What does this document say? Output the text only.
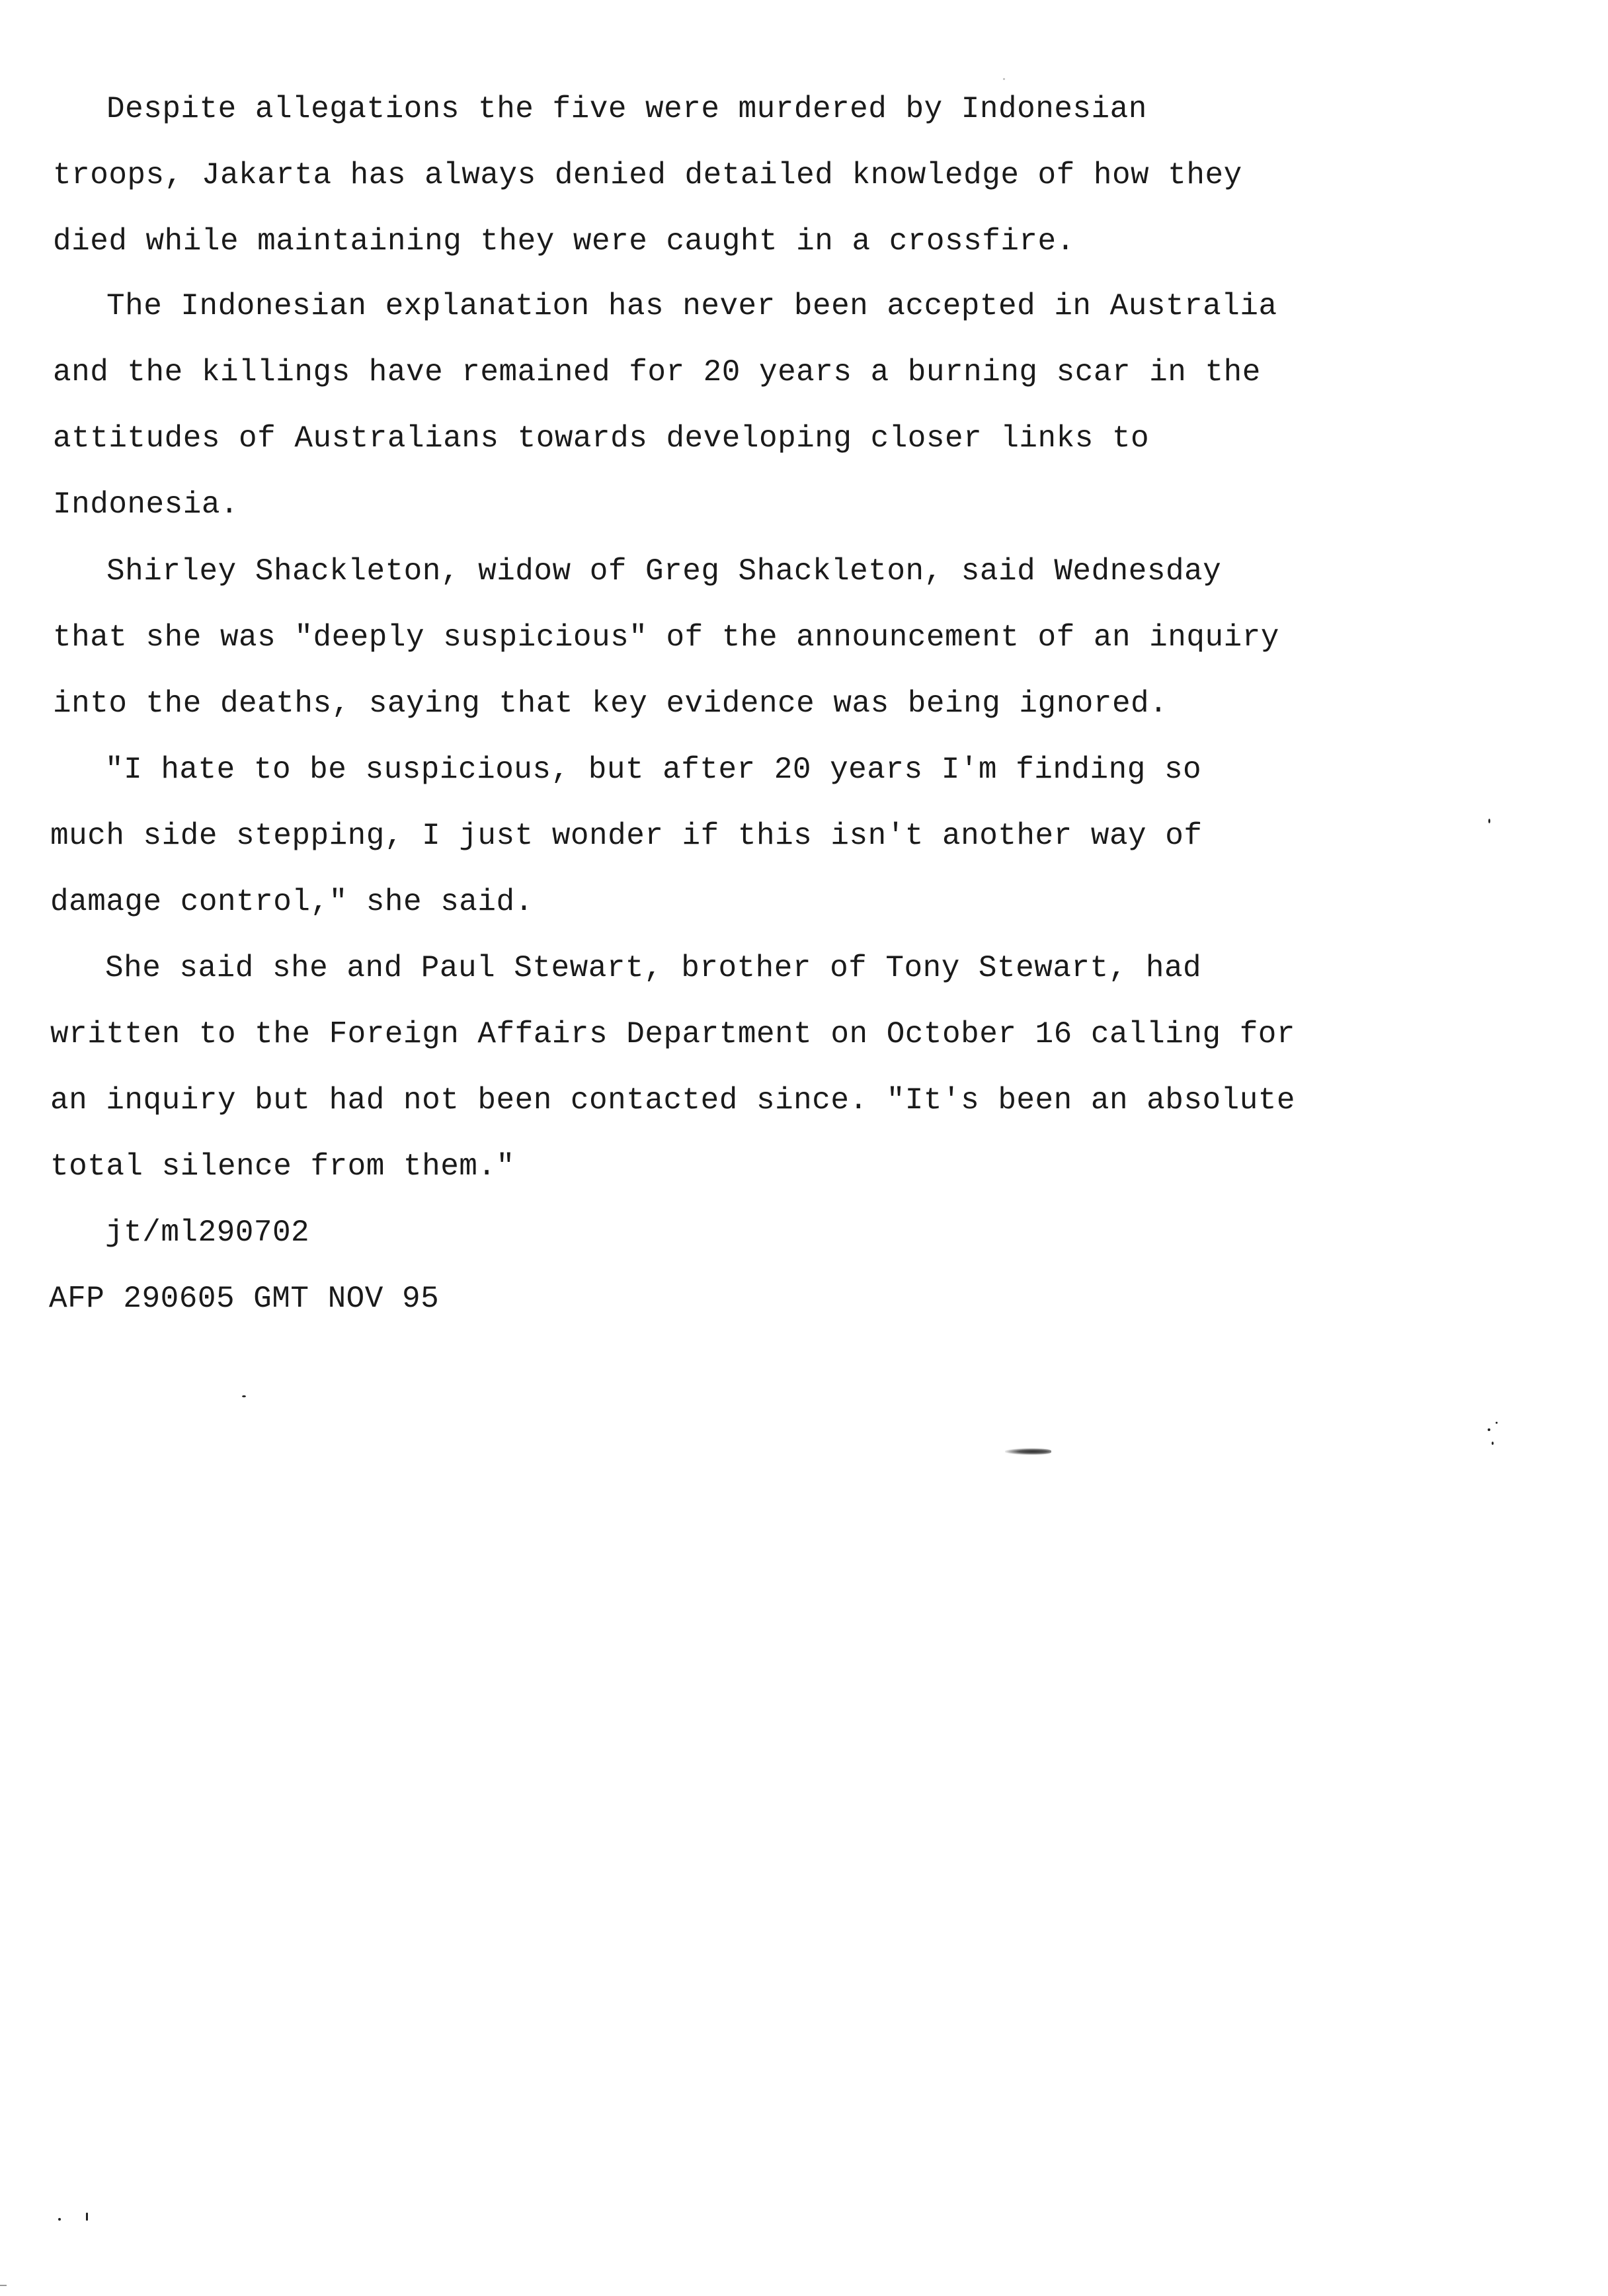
Despite allegations the five were murdered by Indonesian
troops, Jakarta has always denied detailed knowledge of how they
died while maintaining they were caught in a crossfire.
The Indonesian explanation has never been accepted in Australia
and the killings have remained for 20 years a burning scar in the
attitudes of Australians towards developing closer links to
Indonesia.
Shirley Shackleton, widow of Greg Shackleton, said Wednesday
that she was "deeply suspicious" of the announcement of an inquiry
into the deaths, saying that key evidence was being ignored.
"I hate to be suspicious, but after 20 years I'm finding so
much side stepping, I just wonder if this isn't another way of
damage control," she said.
She said she and Paul Stewart, brother of Tony Stewart, had
written to the Foreign Affairs Department on October 16 calling for
an inquiry but had not been contacted since. "It's been an absolute
total silence from them."
jt/ml290702
AFP 290605 GMT NOV 95
